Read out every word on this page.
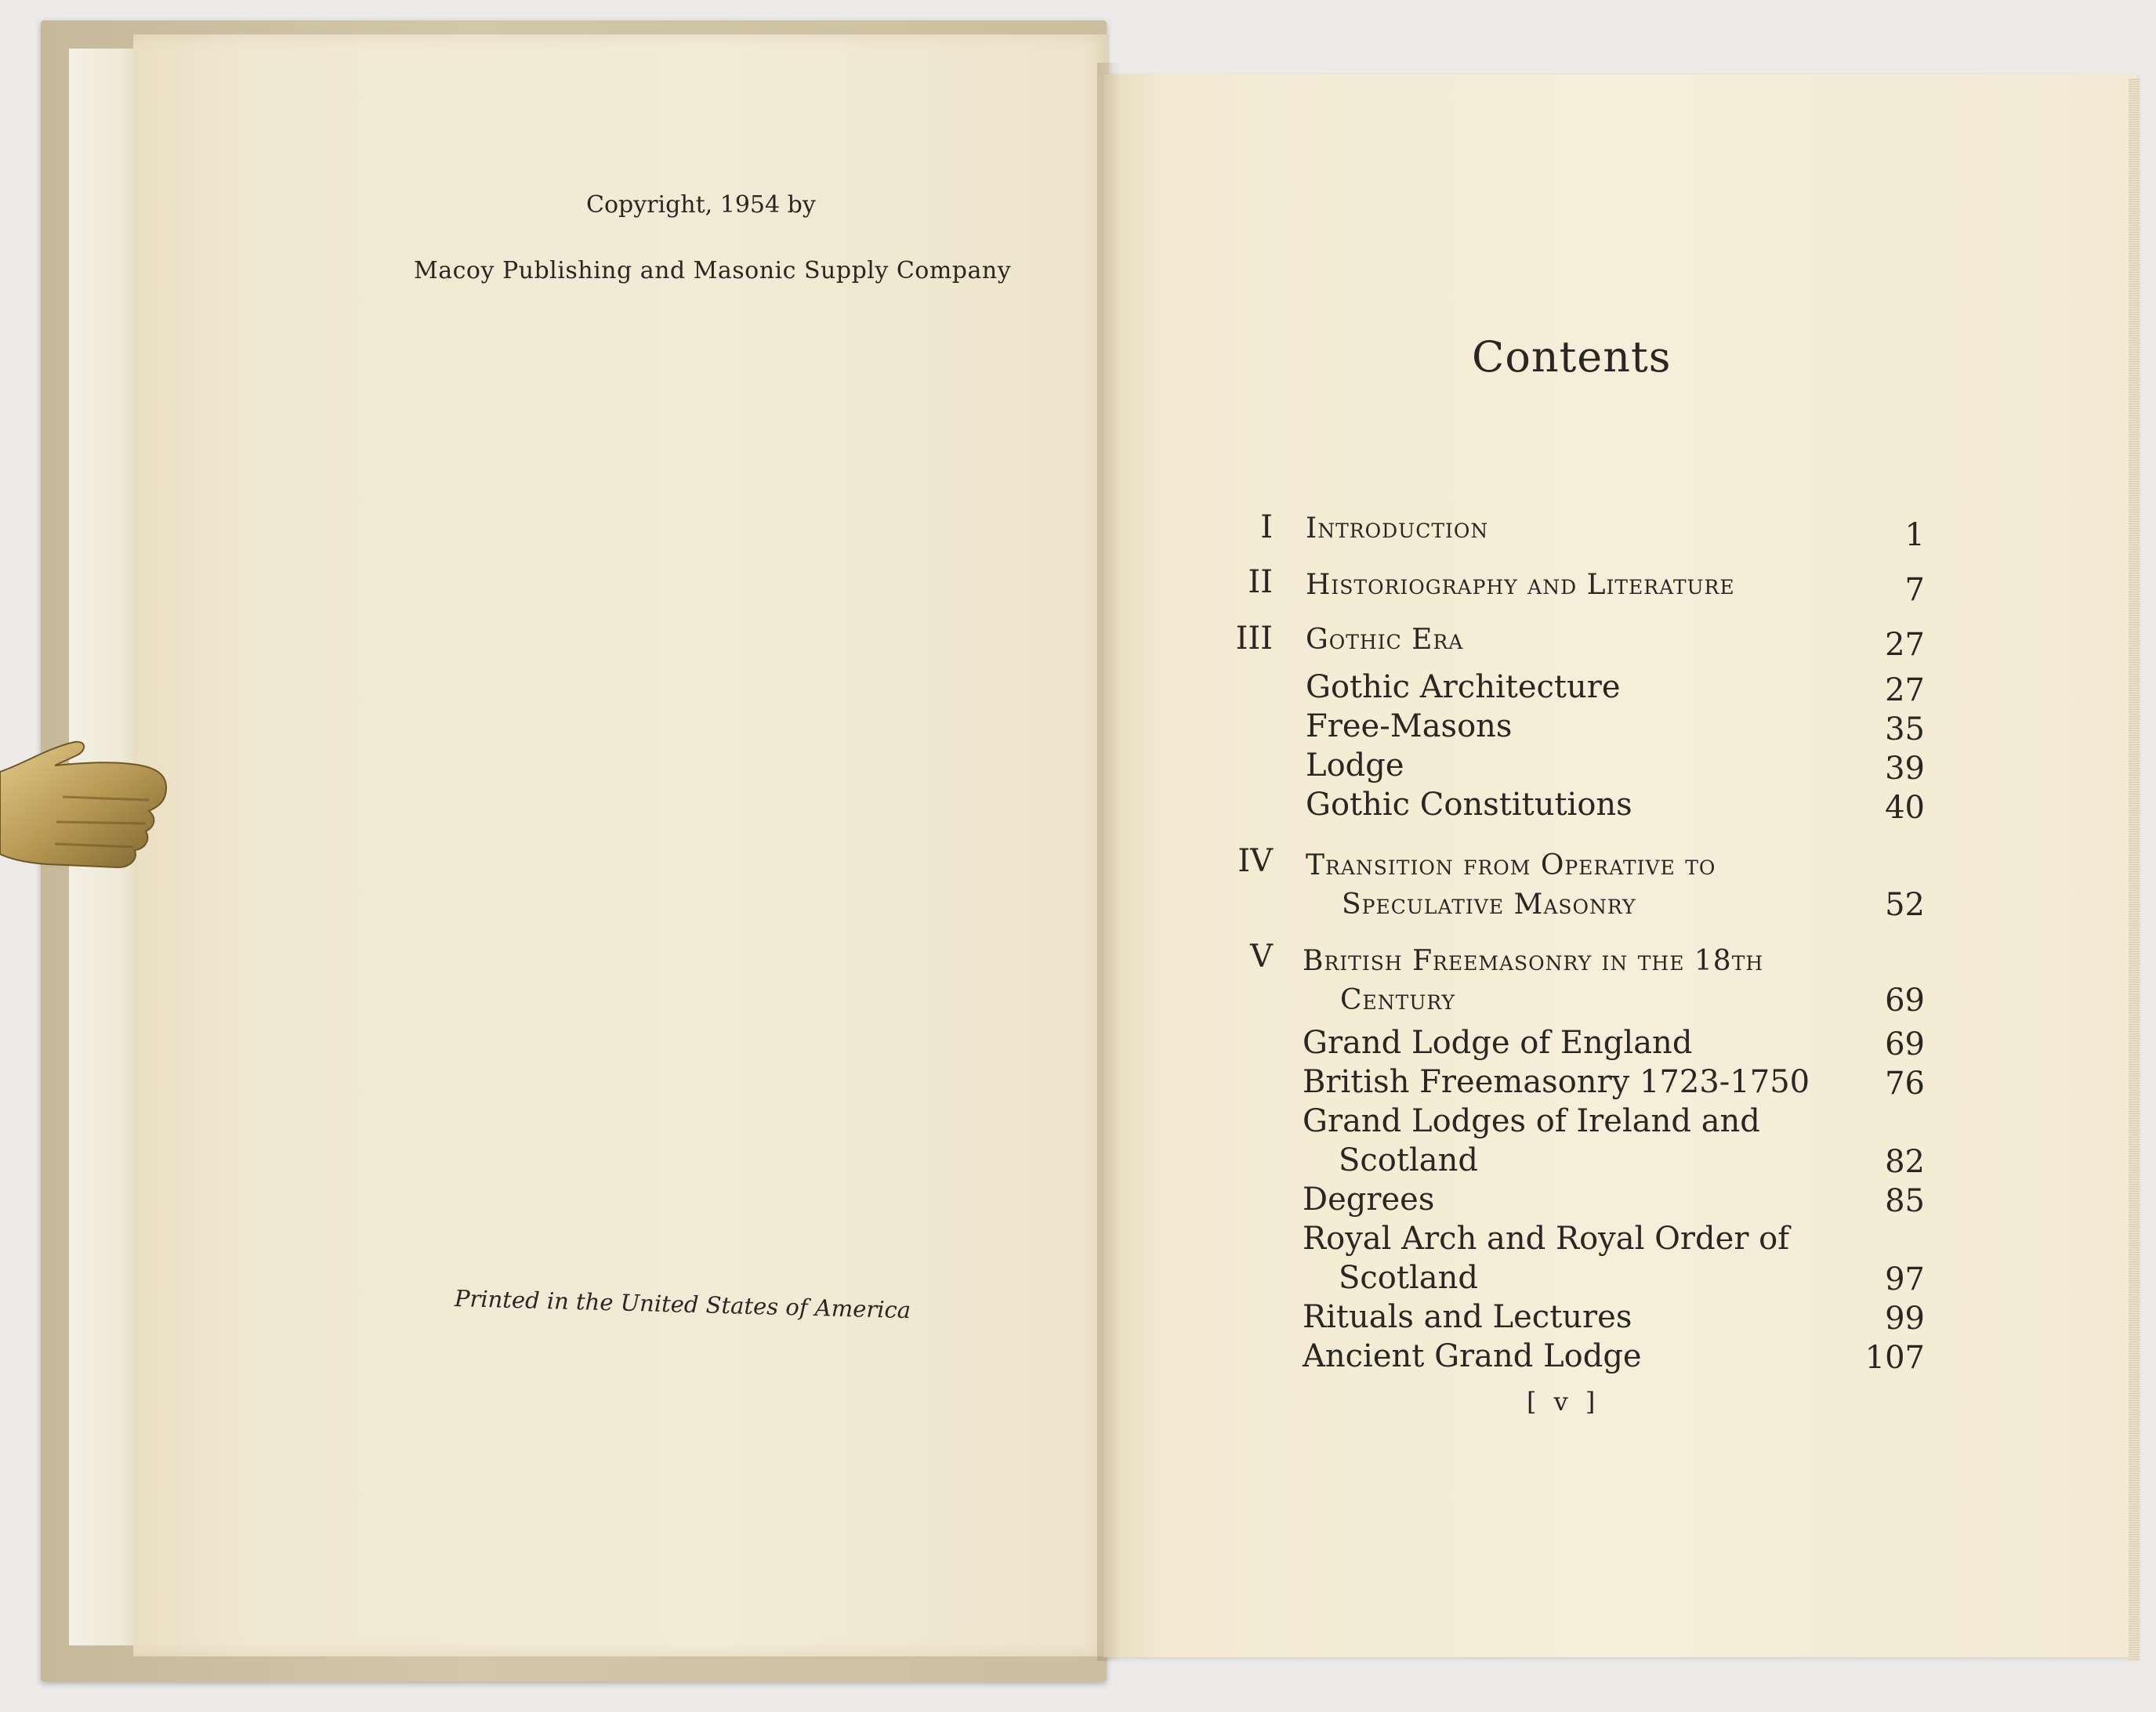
Copyright, 1954 by
Macoy Publishing and Masonic Supply Company
Printed in the United States of America
Contents
I Introduction	1
II Historiography and Literature	7
III Gothic Era	27
Gothic Architecture	27
Free-Masons	35
Lodge	39
Gothic Constitutions	40
IV Transition from Operative to
Speculative Masonry	52
V British Freemasonry in the 18th
Century	69
Grand Lodge of England	69
British Freemasonry 1723-1750	76
Grand Lodges of Ireland and
Scotland	82
Degrees	85
Royal Arch and Royal Order of
Scotland	97
Rituals and Lectures	99
Ancient Grand Lodge	107
[ v ]
